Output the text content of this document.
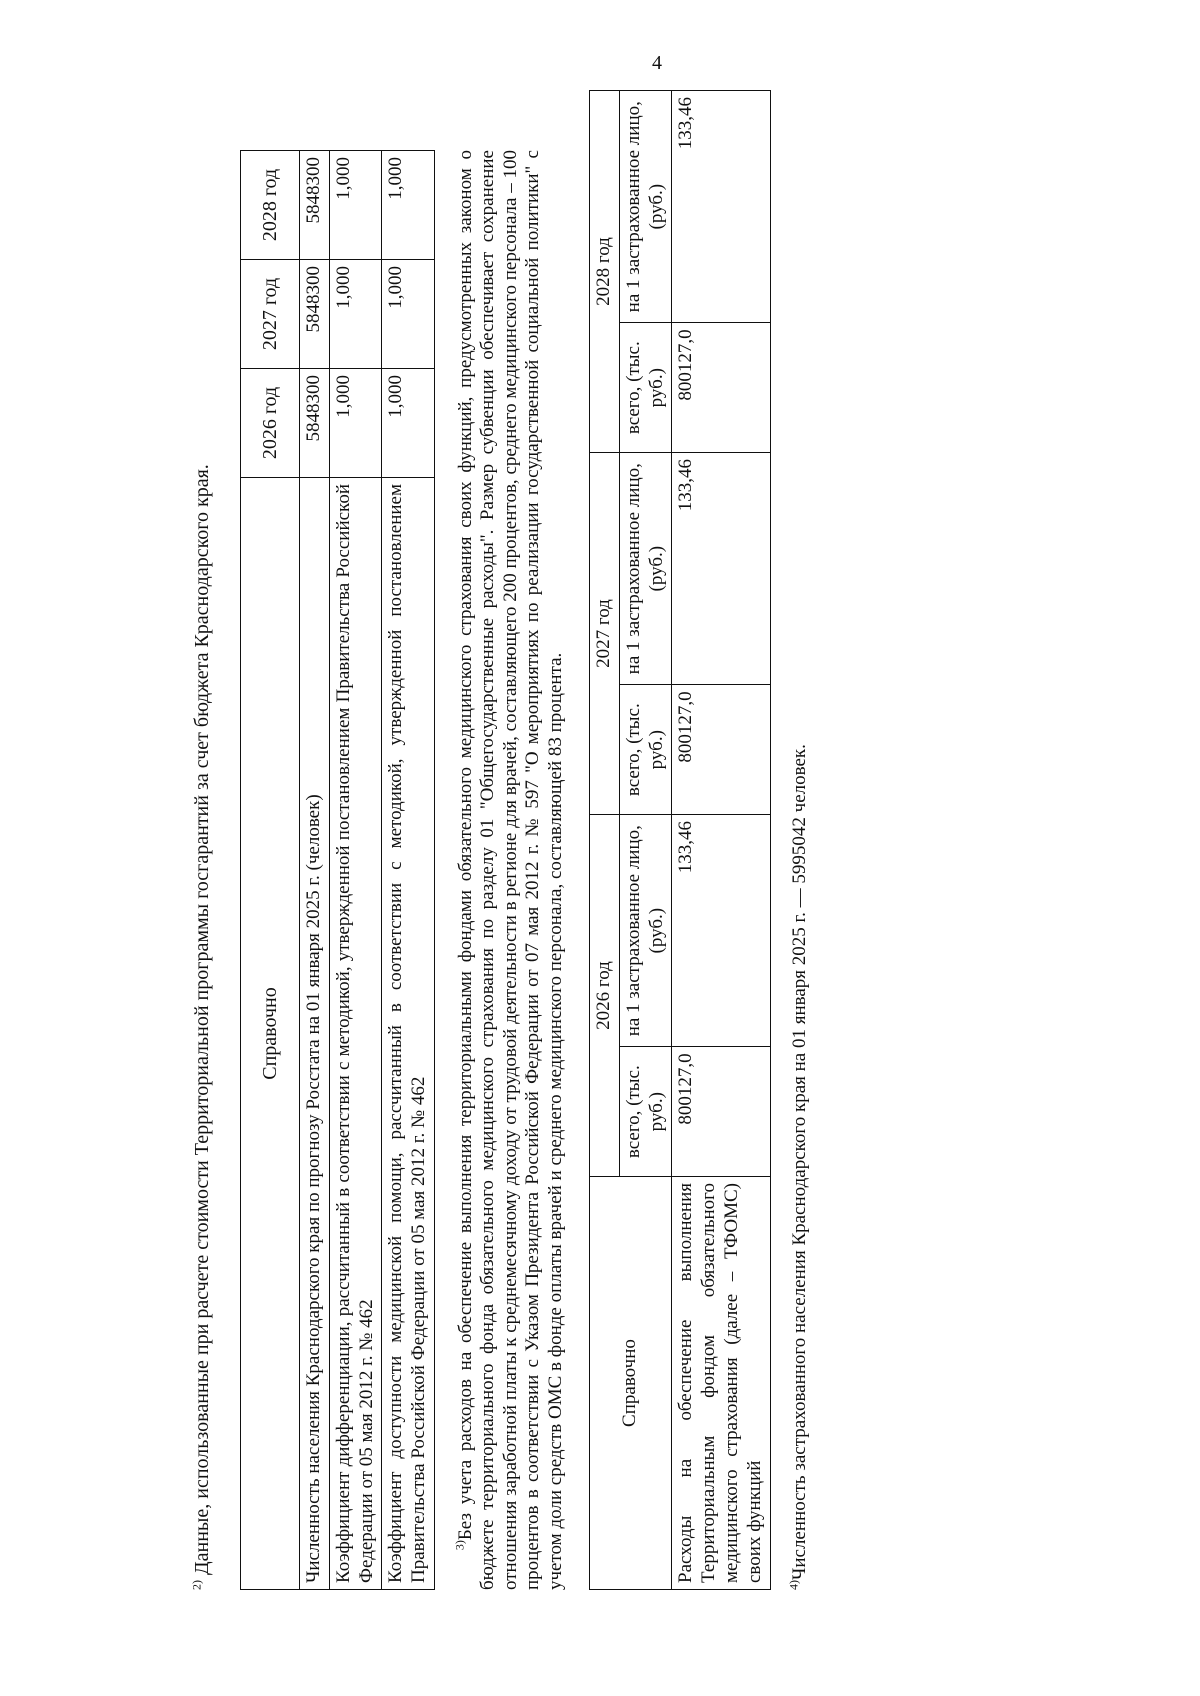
4

$^{2)}$ Данные, использованные при расчете стоимости Территориальной программы госгарантий за счет бюджета Краснодарского края. Справочно	2026 год	2027 год	2028 год
Численность населения Краснодарского края по прогнозу Росстата на 01 января 2025 г. (человек)	5848300	5848300	5848300
Коэффициент дифференциации, рассчитанный в соответствии с методикой, утвержденной постановлением Правительства Российской Федерации от 05 мая 2012 г. № 462	1,000	1,000	1,000
Коэффициент доступности медицинской помощи, рассчитанный в соответствии с методикой, утвержденной постановлением Правительства Российской Федерации от 05 мая 2012 г. № 462	1,000	1,000	1,000

$^{3)}$Без учета расходов на обеспечение выполнения территориальными фондами обязательного медицинского страхования своих функций, предусмотренных законом о бюджете территориального фонда обязательного медицинского страхования по разделу 01 "Общегосударственные расходы". Размер субвенции обеспечивает сохранение отношения заработной платы к среднемесячному доходу от трудовой деятельности в регионе для врачей, составляющего 200 процентов, среднего медицинского персонала – 100 процентов в соответствии с Указом Президента Российской Федерации от 07 мая 2012 г. № 597 "О мероприятиях по реализации государственной социальной политики" с учетом доли средств ОМС в фонде оплаты врачей и среднего медицинского персонала, составляющей 83 процента.	Справочно	2026 год		2027 год		2028 год	
	всего, (тыс. руб.)	на 1 застрахованное лицо, (руб.)	всего, (тыс. руб.)	на 1 застрахованное лицо, (руб.)	всего, (тыс. руб.)	на 1 застрахованное лицо, (руб.)
Расходы на обеспечение выполнения Территориальным фондом обязательного медицинского страхования (далее – ТФОМС) своих функций	800127,0	133,46	800127,0	133,46	800127,0	133,46

$^{4)}$Численность застрахованного населения Краснодарского края на 01 января 2025 г. — 5995042 человек.
